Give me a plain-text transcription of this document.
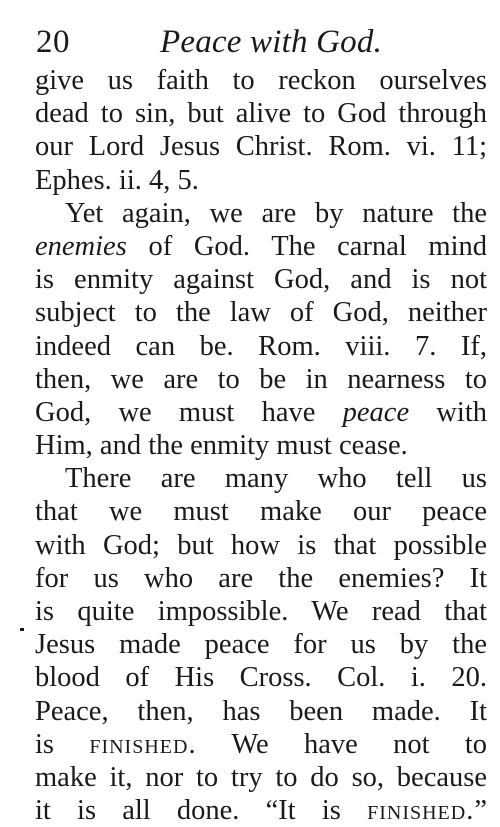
20	Peace with God.
give us faith to reckon ourselves
dead to sin, but alive to God through
our Lord Jesus Christ. Rom. vi. 11;
Ephes. ii. 4, 5.
Yet again, we are by nature the
enemies of God. The carnal mind
is enmity against God, and is not
subject to the law of God, neither
indeed can be. Rom. viii. 7. If,
then, we are to be in nearness to
God, we must have peace with
Him, and the enmity must cease.
There are many who tell us
that we must make our peace
with God; but how is that possible
for us who are the enemies? It
is quite impossible. We read that
Jesus made peace for us by the
blood of His Cross. Col. i. 20.
Peace, then, has been made. It
is finished. We have not to
make it, nor to try to do so, because
it is all done. “It is finished.”
